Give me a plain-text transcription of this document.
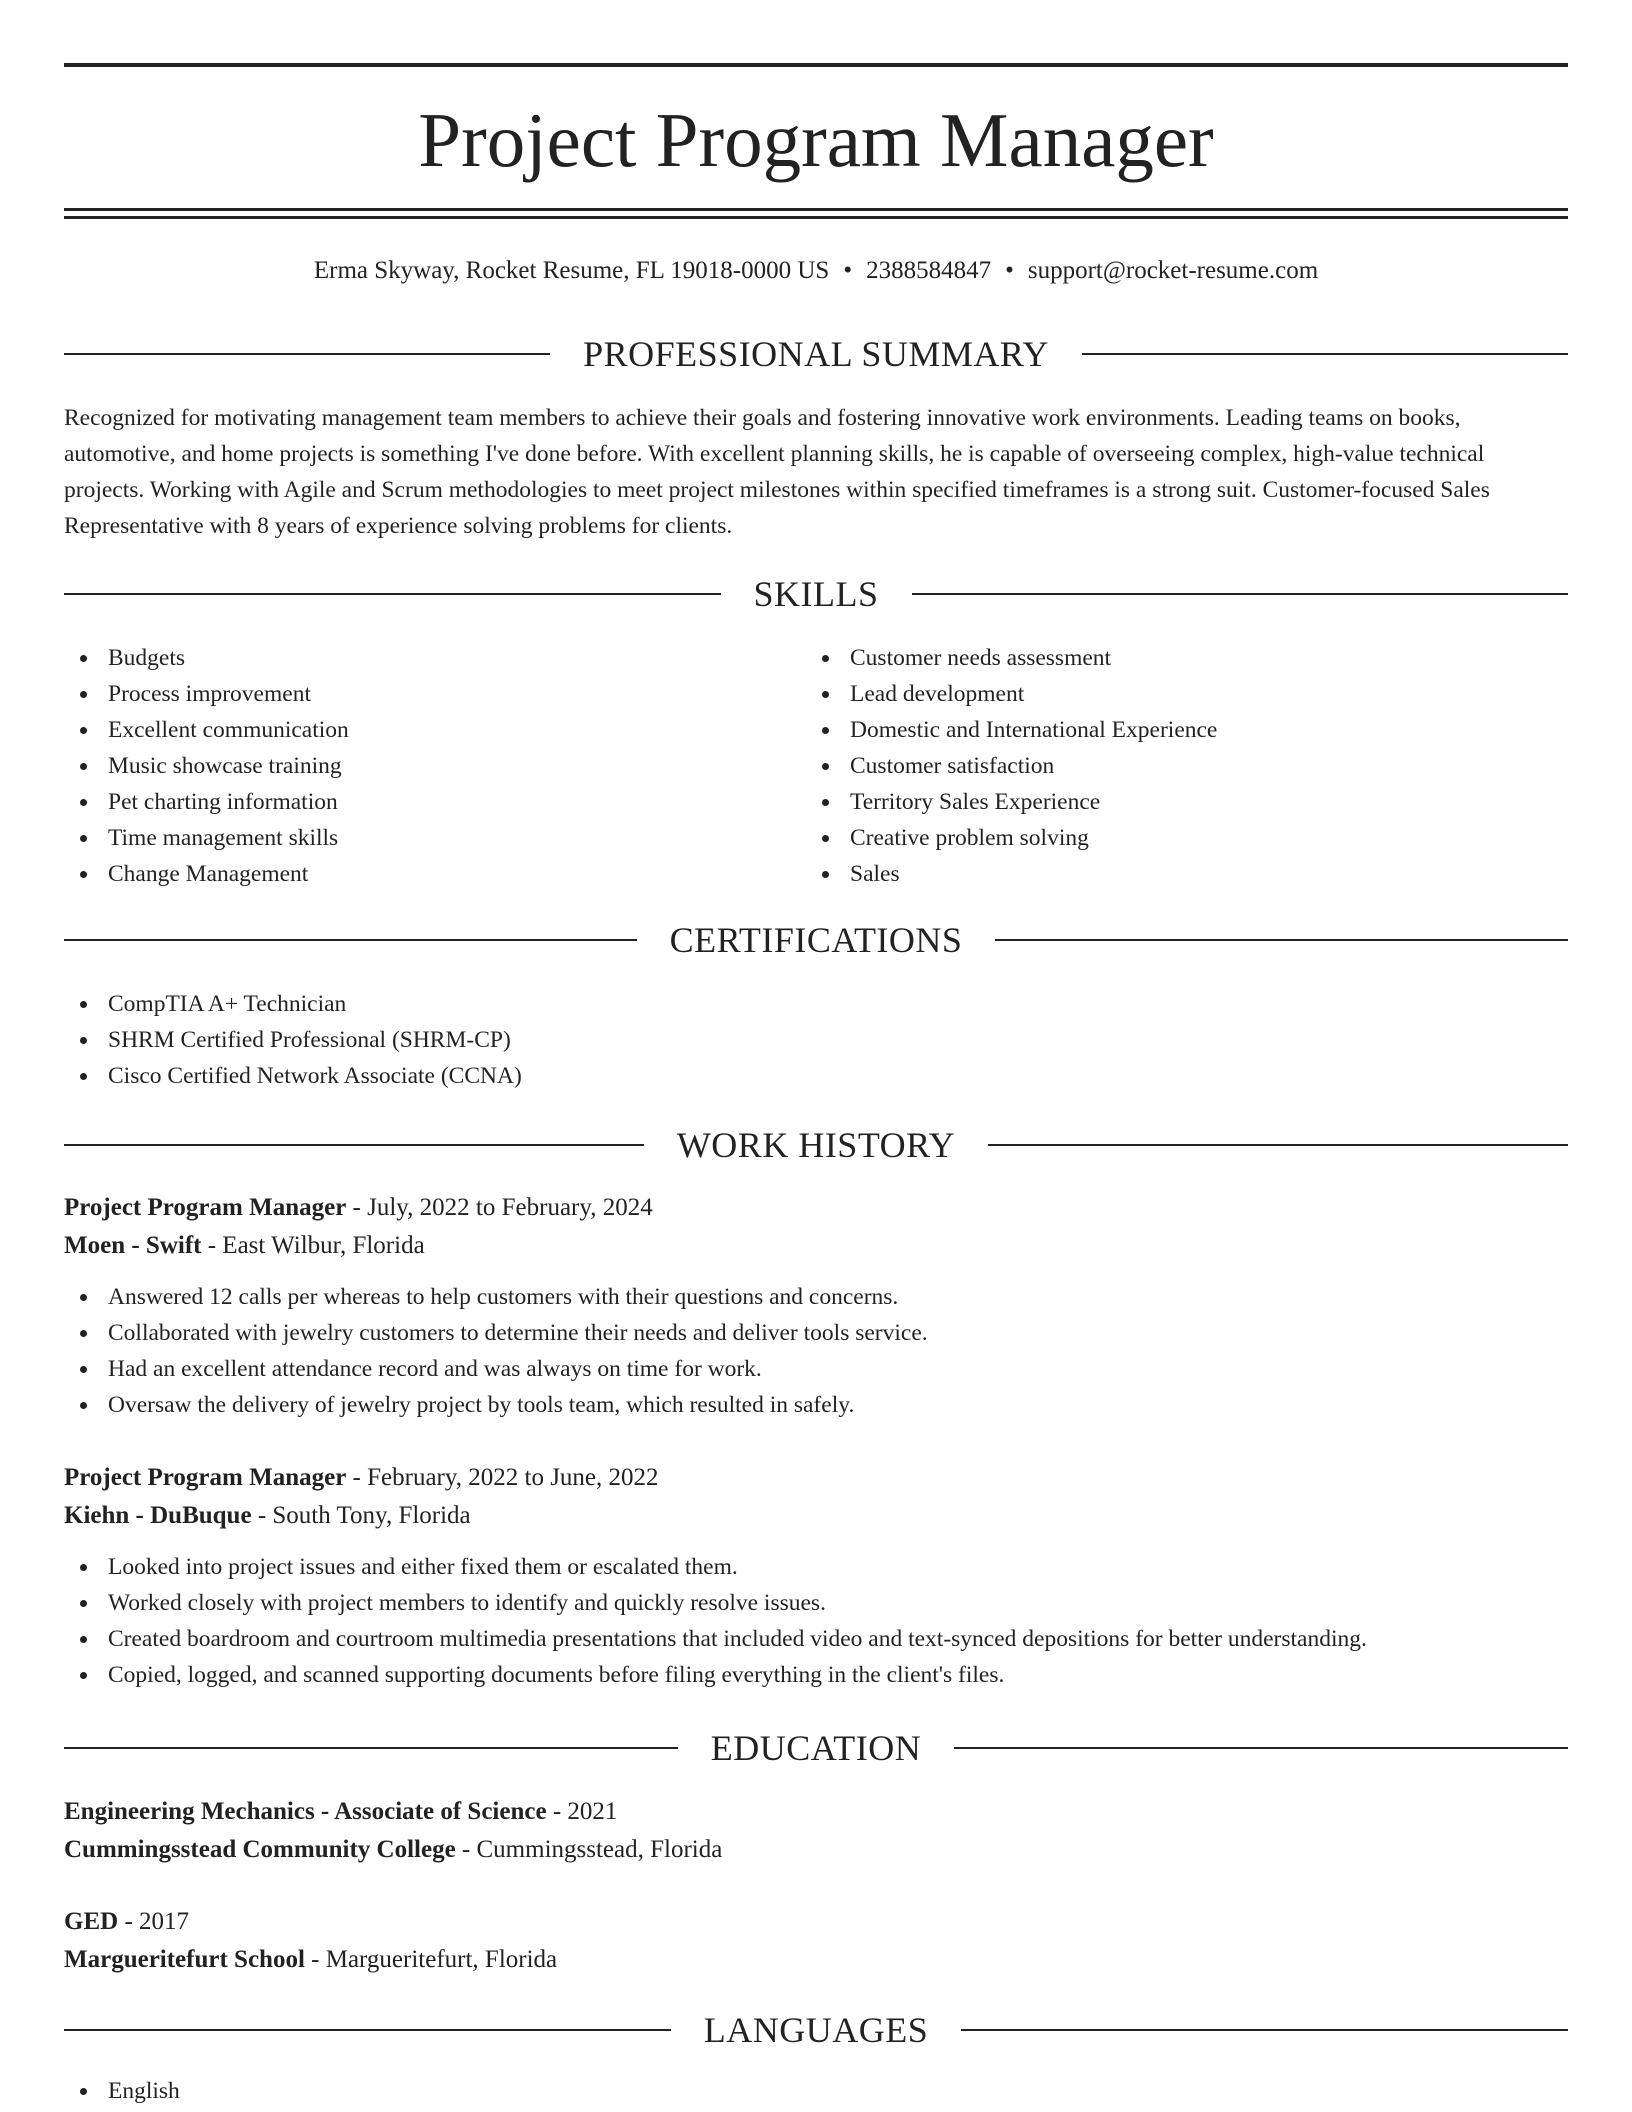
Project Program Manager
Erma Skyway, Rocket Resume, FL 19018-0000 US • 2388584847 • support@rocket-resume.com
PROFESSIONAL SUMMARY

Recognized for motivating management team members to achieve their goals and fostering innovative work environments. Leading teams on books, automotive, and home projects is something I've done before. With excellent planning skills, he is capable of overseeing complex, high-value technical projects. Working with Agile and Scrum methodologies to meet project milestones within specified timeframes is a strong suit. Customer-focused Sales Representative with 8 years of experience solving problems for clients.

SKILLS
Budgets
Process improvement
Excellent communication
Music showcase training
Pet charting information
Time management skills
Change Management
Customer needs assessment
Lead development
Domestic and International Experience
Customer satisfaction
Territory Sales Experience
Creative problem solving
Sales
CERTIFICATIONS
CompTIA A+ Technician
SHRM Certified Professional (SHRM-CP)
Cisco Certified Network Associate (CCNA)
WORK HISTORY
Project Program Manager - July, 2022 to February, 2024
Moen - Swift - East Wilbur, Florida
Answered 12 calls per whereas to help customers with their questions and concerns.
Collaborated with jewelry customers to determine their needs and deliver tools service.
Had an excellent attendance record and was always on time for work.
Oversaw the delivery of jewelry project by tools team, which resulted in safely.
Project Program Manager - February, 2022 to June, 2022
Kiehn - DuBuque - South Tony, Florida
Looked into project issues and either fixed them or escalated them.
Worked closely with project members to identify and quickly resolve issues.
Created boardroom and courtroom multimedia presentations that included video and text-synced depositions for better understanding.
Copied, logged, and scanned supporting documents before filing everything in the client's files.
EDUCATION
Engineering Mechanics - Associate of Science - 2021
Cummingsstead Community College - Cummingsstead, Florida
GED - 2017
Margueritefurt School - Margueritefurt, Florida
LANGUAGES
English
